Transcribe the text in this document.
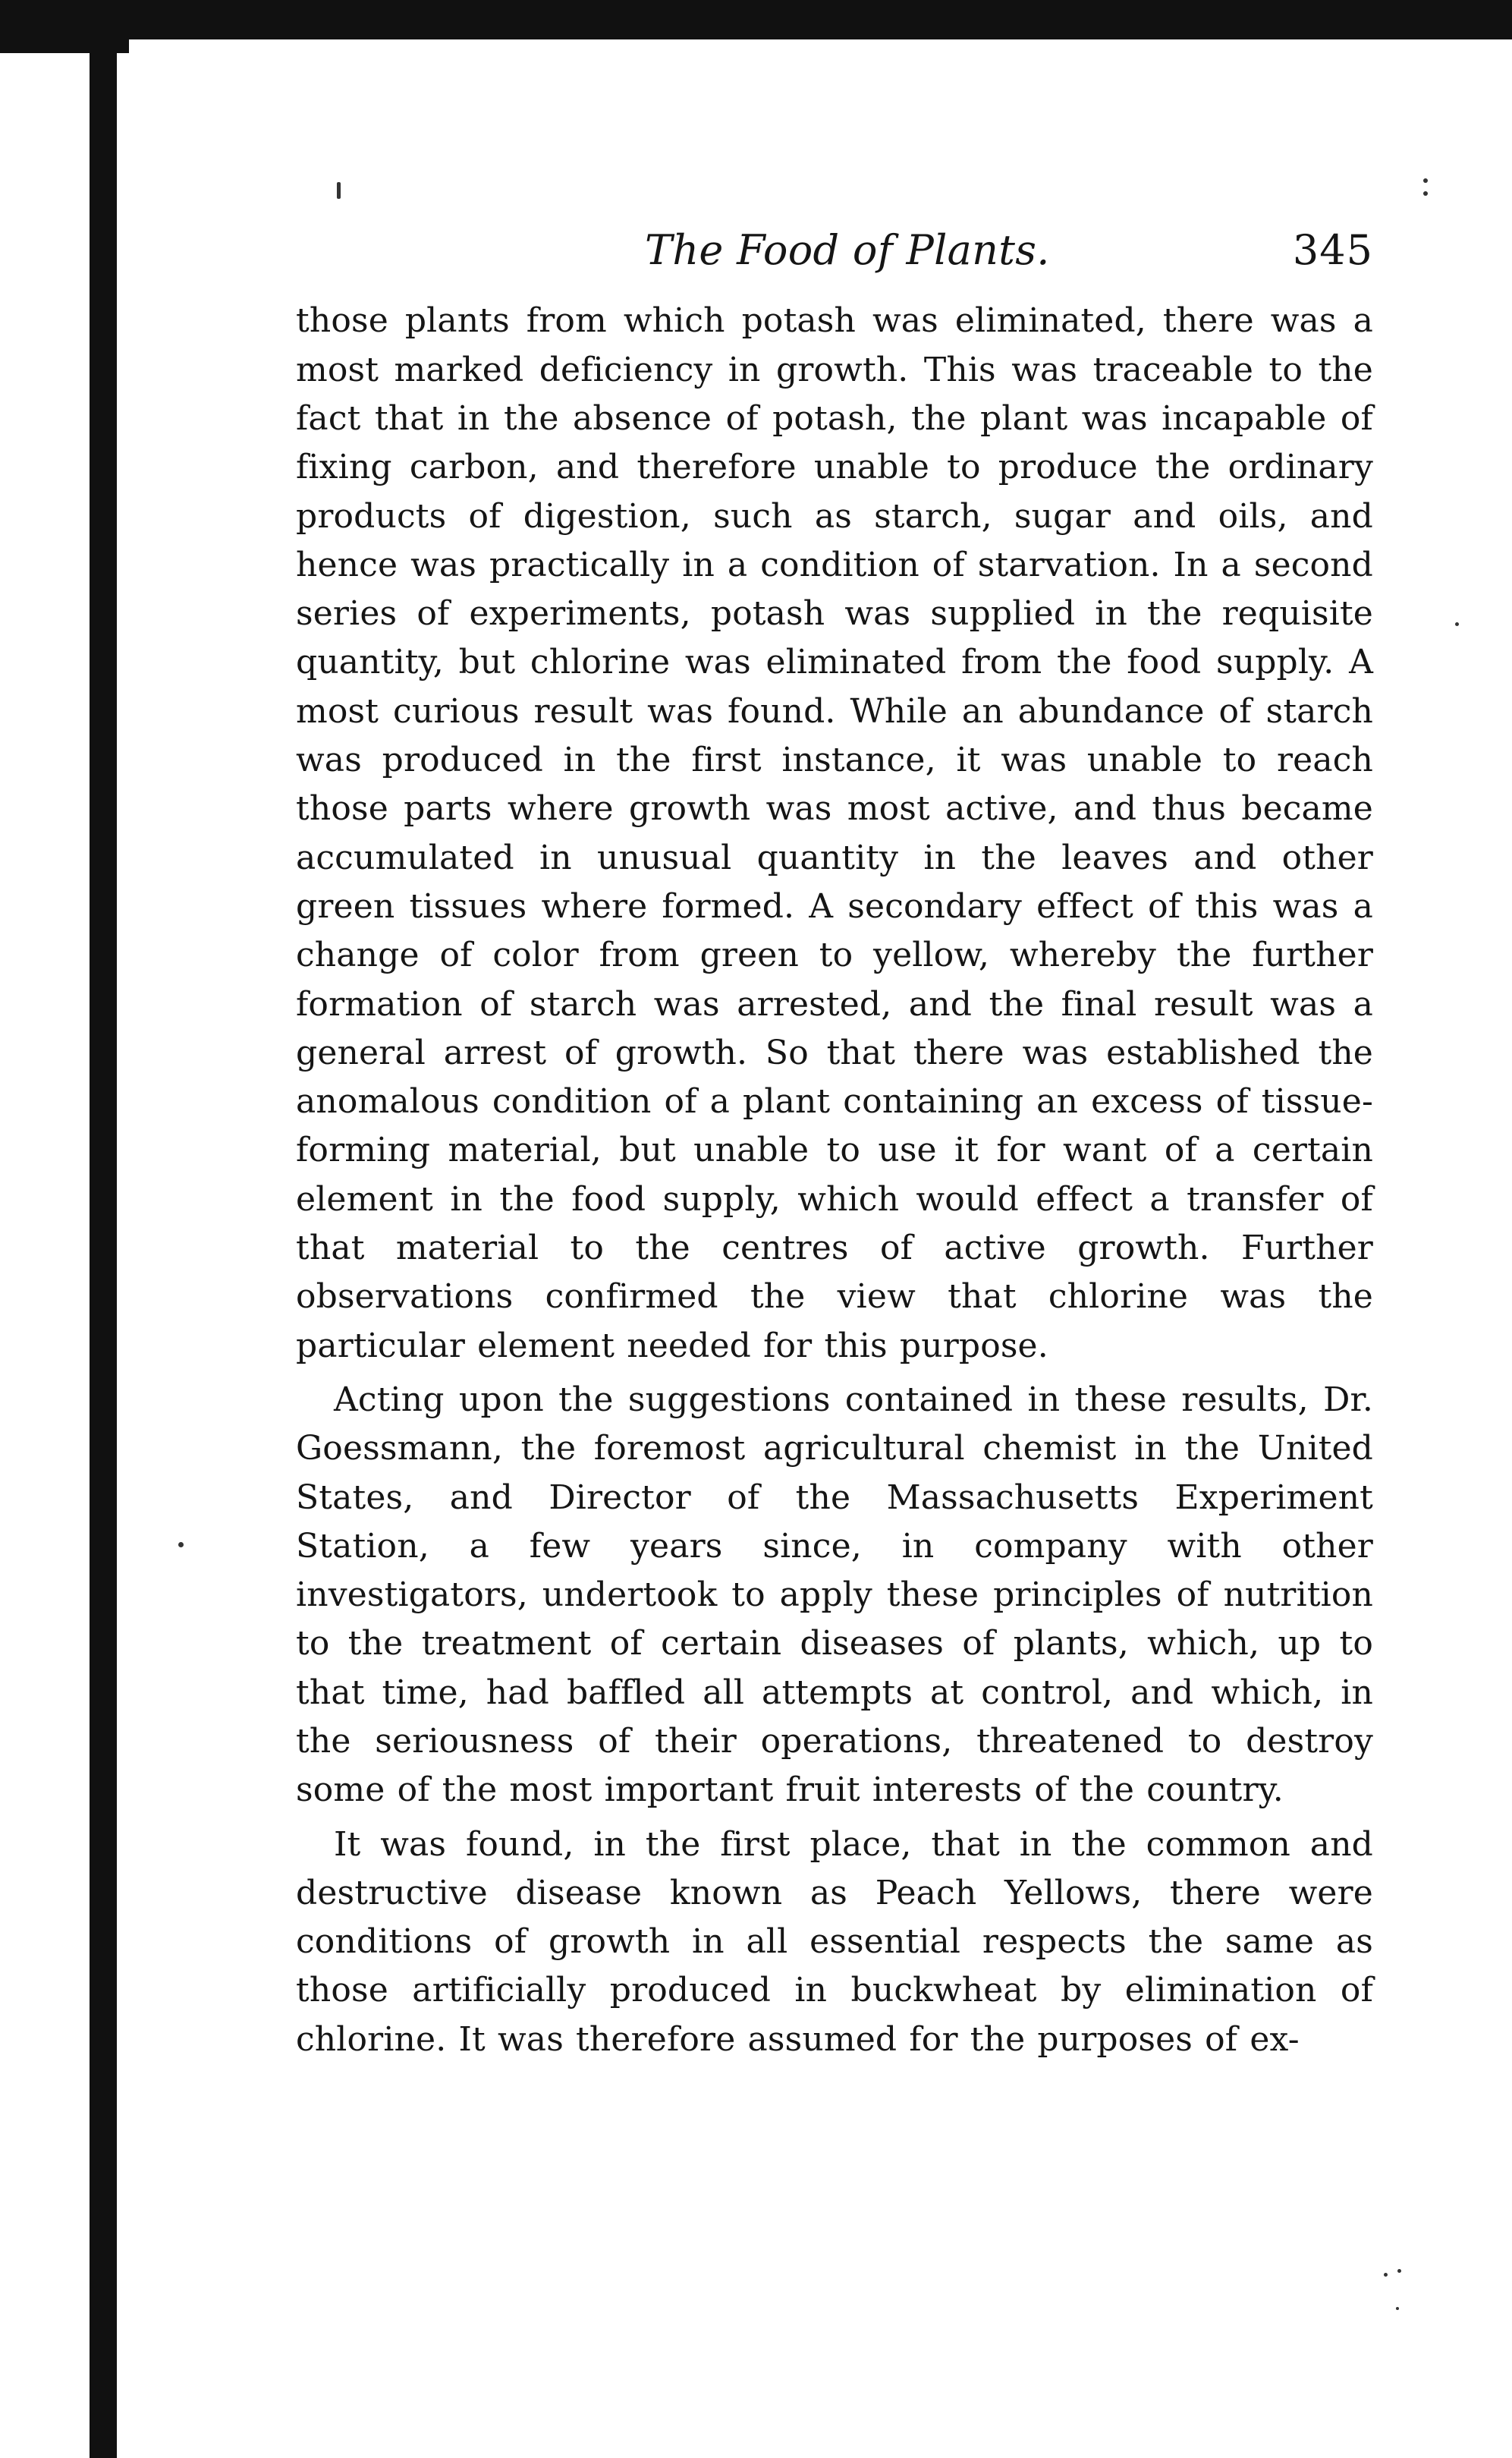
The Food of Plants.	345

those plants from which potash was eliminated, there was a most marked deficiency in growth. This was traceable to the fact that in the absence of potash, the plant was incapable of fixing carbon, and therefore unable to produce the ordinary products of digestion, such as starch, sugar and oils, and hence was practically in a condition of starvation. In a second series of experiments, potash was supplied in the requisite quantity, but chlorine was eliminated from the food supply. A most curious result was found. While an abundance of starch was produced in the first instance, it was unable to reach those parts where growth was most active, and thus became accumulated in unusual quantity in the leaves and other green tissues where formed. A secondary effect of this was a change of color from green to yellow, whereby the further formation of starch was arrested, and the final result was a general arrest of growth. So that there was established the anomalous condition of a plant containing an excess of tissue-forming material, but unable to use it for want of a certain element in the food supply, which would effect a transfer of that material to the centres of active growth. Further observations confirmed the view that chlorine was the particular element needed for this purpose.

Acting upon the suggestions contained in these results, Dr. Goessmann, the foremost agricultural chemist in the United States, and Director of the Massachusetts Experiment Station, a few years since, in company with other investigators, undertook to apply these principles of nutrition to the treatment of certain diseases of plants, which, up to that time, had baffled all attempts at control, and which, in the seriousness of their operations, threatened to destroy some of the most important fruit interests of the country.

It was found, in the first place, that in the common and destructive disease known as Peach Yellows, there were conditions of growth in all essential respects the same as those artificially produced in buckwheat by elimination of chlorine. It was therefore assumed for the purposes of ex-
